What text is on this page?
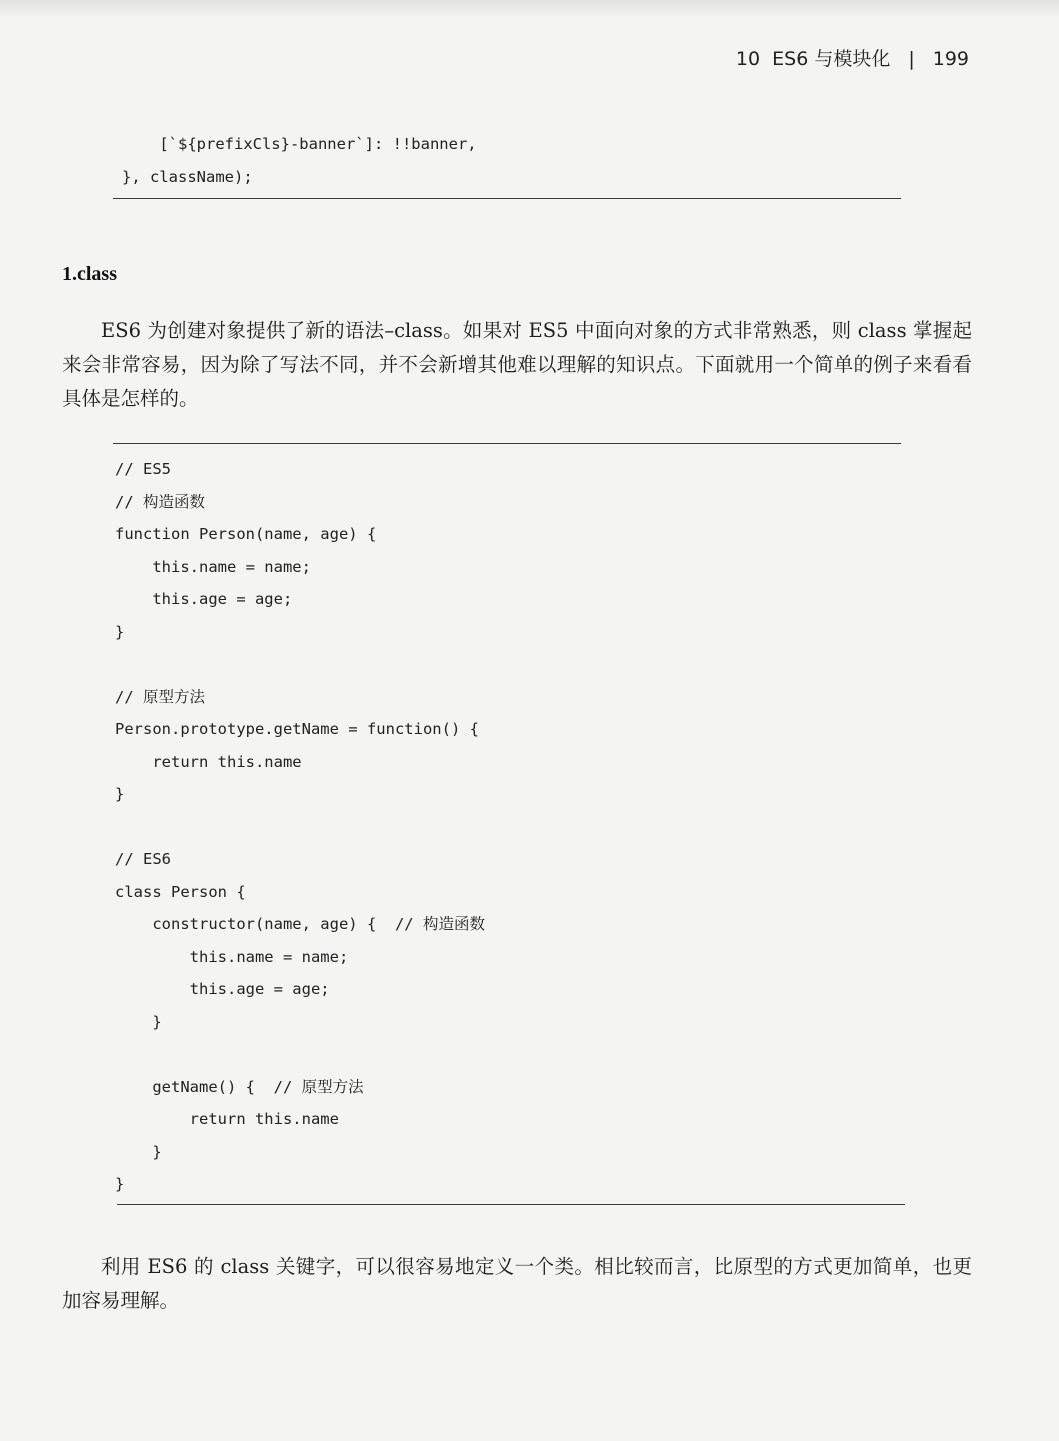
10  ES6 与模块化 | 199
[`${prefixCls}-banner`]: !!banner,
}, className);
1.class

ES6 为创建对象提供了新的语法–class。如果对 ES5 中面向对象的方式非常熟悉，则 class 掌握起来会非常容易，因为除了写法不同，并不会新增其他难以理解的知识点。下面就用一个简单的例子来看看具体是怎样的。

// ES5
// 构造函数
function Person(name, age) {
this.name = name;
this.age = age;
}
// 原型方法
Person.prototype.getName = function() {
return this.name
}
// ES6
class Person {
constructor(name, age) {  // 构造函数
this.name = name;
this.age = age;
}
getName() {  // 原型方法
return this.name
}
}

利用 ES6 的 class 关键字，可以很容易地定义一个类。相比较而言，比原型的方式更加简单，也更加容易理解。
